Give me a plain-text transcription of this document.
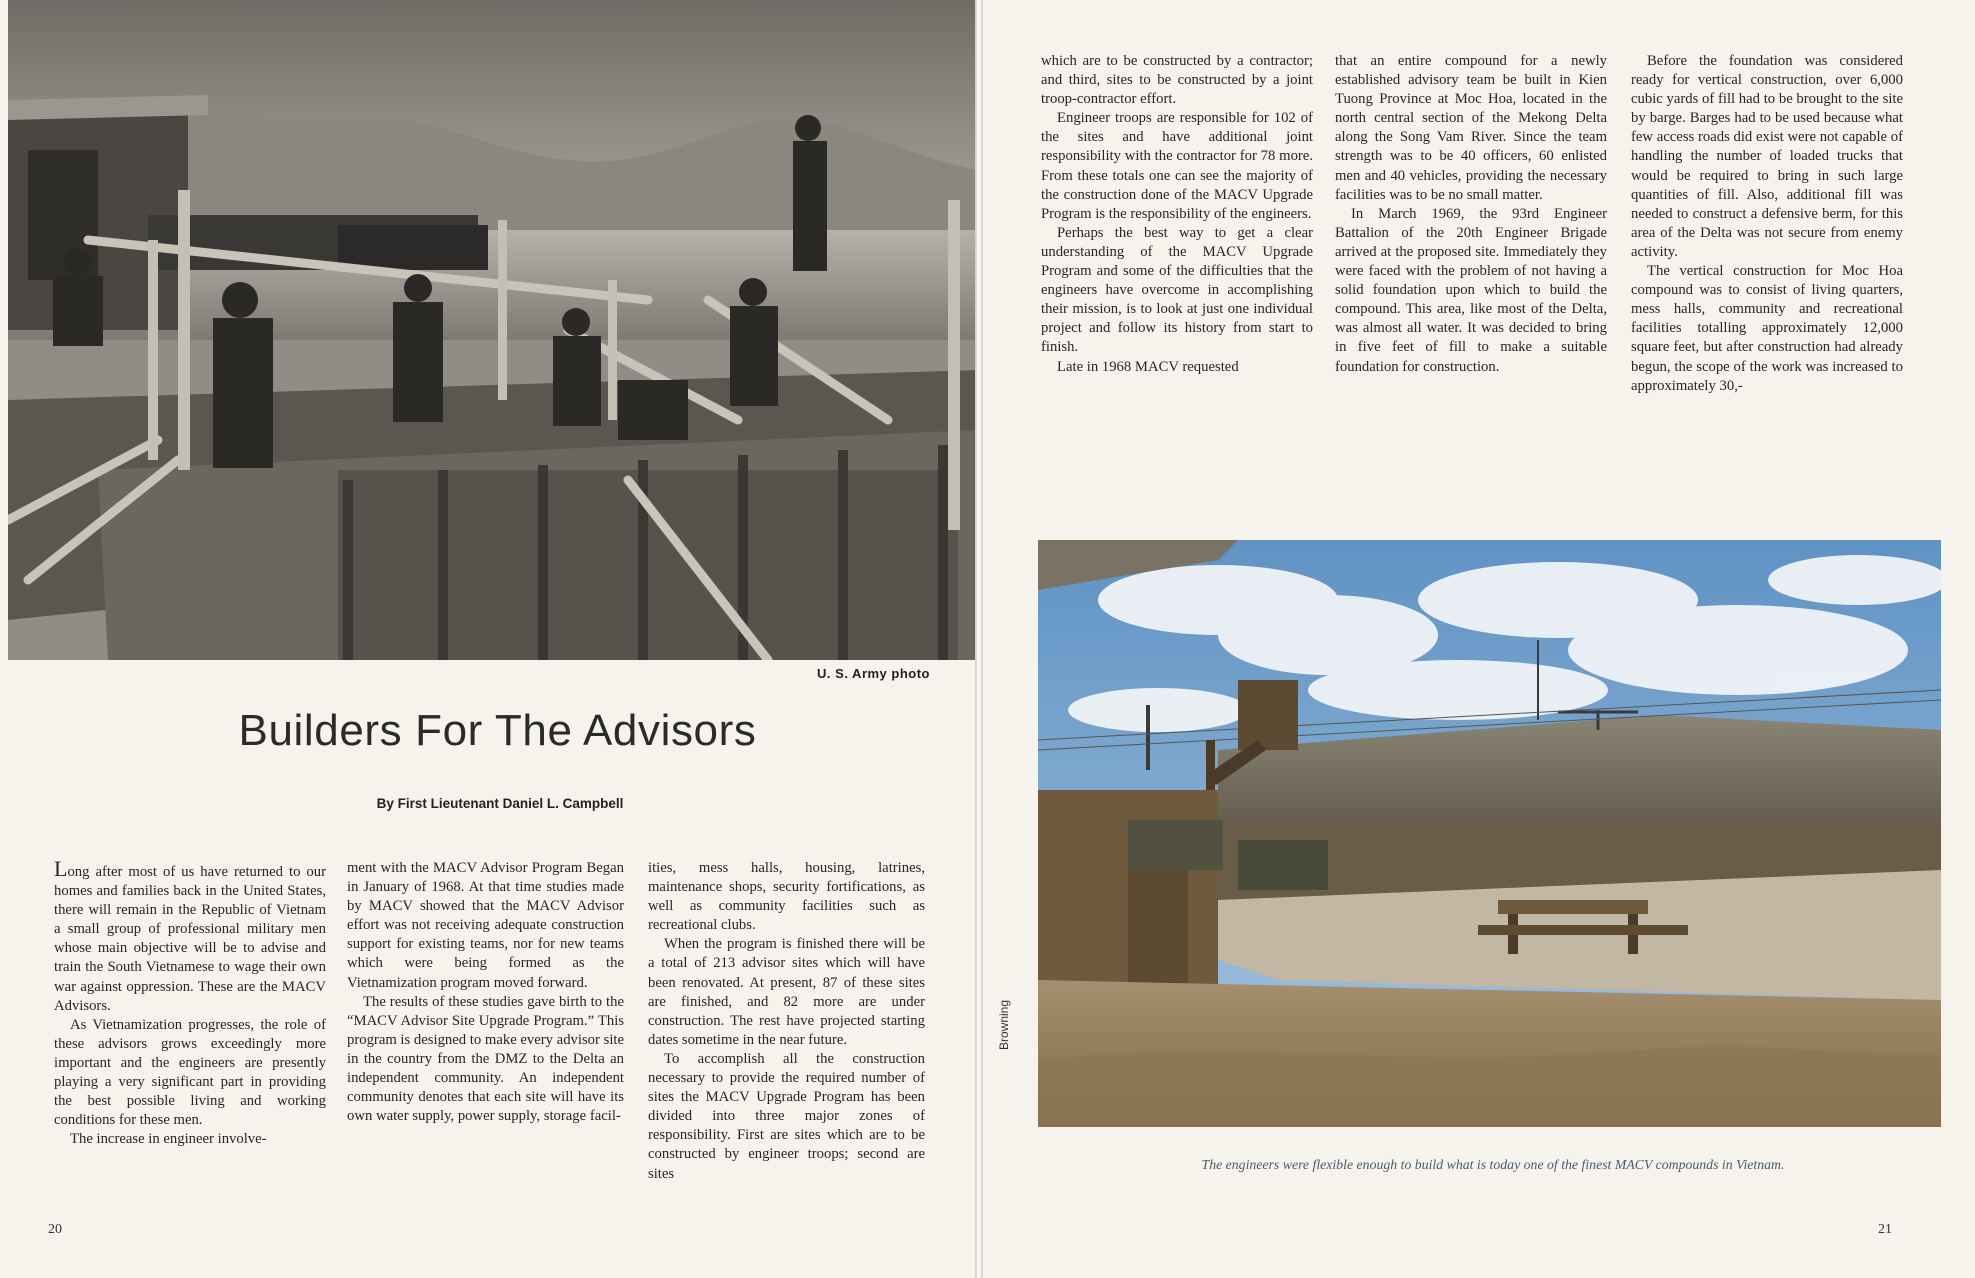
U. S. Army photo
Builders For The Advisors
By First Lieutenant Daniel L. Campbell

Long after most of us have returned to our homes and families back in the United States, there will remain in the Republic of Vietnam a small group of professional military men whose main objective will be to advise and train the South Vietnamese to wage their own war against oppression. These are the MACV Advisors.

As Vietnamization progresses, the role of these advisors grows exceedingly more important and the engineers are presently playing a very significant part in providing the best possible living and working conditions for these men.

The increase in engineer involve-

ment with the MACV Advisor Program Began in January of 1968. At that time studies made by MACV showed that the MACV Advisor effort was not receiving adequate construction support for existing teams, nor for new teams which were being formed as the Vietnamization program moved forward.

The results of these studies gave birth to the “MACV Advisor Site Upgrade Program.” This program is designed to make every advisor site in the country from the DMZ to the Delta an independent community. An independent community denotes that each site will have its own water supply, power supply, storage facil-

ities, mess halls, housing, latrines, maintenance shops, security fortifications, as well as community facilities such as recreational clubs.

When the program is finished there will be a total of 213 advisor sites which will have been renovated. At present, 87 of these sites are finished, and 82 more are under construction. The rest have projected starting dates sometime in the near future.

To accomplish all the construction necessary to provide the required number of sites the MACV Upgrade Program has been divided into three major zones of responsibility. First are sites which are to be constructed by engineer troops; second are sites

20

which are to be constructed by a contractor; and third, sites to be constructed by a joint troop-contractor effort.

Engineer troops are responsible for 102 of the sites and have additional joint responsibility with the contractor for 78 more. From these totals one can see the majority of the construction done of the MACV Upgrade Program is the responsibility of the engineers.

Perhaps the best way to get a clear understanding of the MACV Upgrade Program and some of the difficulties that the engineers have overcome in accomplishing their mission, is to look at just one individual project and follow its history from start to finish.

Late in 1968 MACV requested

that an entire compound for a newly established advisory team be built in Kien Tuong Province at Moc Hoa, located in the north central section of the Mekong Delta along the Song Vam River. Since the team strength was to be 40 officers, 60 enlisted men and 40 vehicles, providing the necessary facilities was to be no small matter.

In March 1969, the 93rd Engineer Battalion of the 20th Engineer Brigade arrived at the proposed site. Immediately they were faced with the problem of not having a solid foundation upon which to build the compound. This area, like most of the Delta, was almost all water. It was decided to bring in five feet of fill to make a suitable foundation for construction.

Before the foundation was considered ready for vertical construction, over 6,000 cubic yards of fill had to be brought to the site by barge. Barges had to be used because what few access roads did exist were not capable of handling the number of loaded trucks that would be required to bring in such large quantities of fill. Also, additional fill was needed to construct a defensive berm, for this area of the Delta was not secure from enemy activity.

The vertical construction for Moc Hoa compound was to consist of living quarters, mess halls, community and recreational facilities totalling approximately 12,000 square feet, but after construction had already begun, the scope of the work was increased to approximately 30,-

Browning
The engineers were flexible enough to build what is today one of the finest MACV compounds in Vietnam.
21
